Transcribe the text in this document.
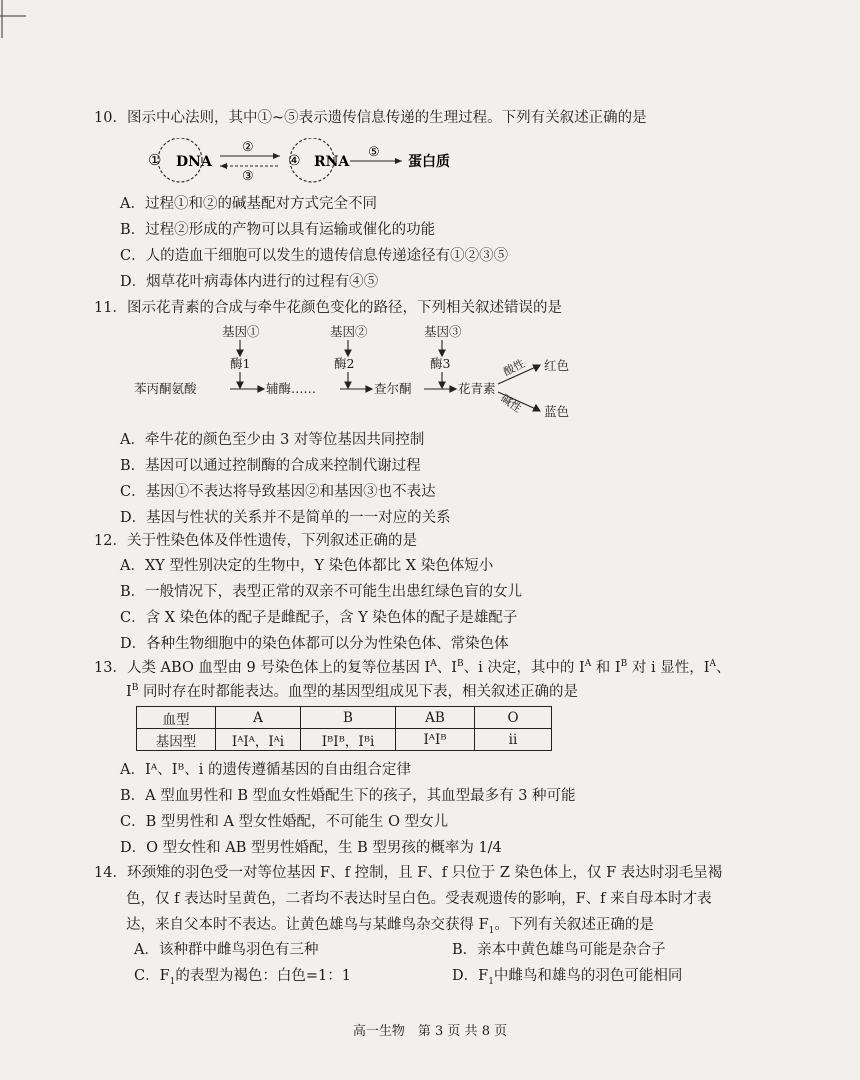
10．图示中心法则，其中①~⑤表示遗传信息传递的生理过程。下列有关叙述正确的是
① DNA
②
③
④ RNA
⑤
蛋白质
A．过程①和②的碱基配对方式完全不同
B．过程②形成的产物可以具有运输或催化的功能
C．人的造血干细胞可以发生的遗传信息传递途径有①②③⑤
D．烟草花叶病毒体内进行的过程有④⑤
11．图示花青素的合成与牵牛花颜色变化的路径，下列相关叙述错误的是
基因①	基因②	基因③
酶1	酶2	酶3
苯丙酮氨酸	辅酶……	查尔酮	花青素
红色
蓝色
酸性
碱性
A．牵牛花的颜色至少由 3 对等位基因共同控制
B．基因可以通过控制酶的合成来控制代谢过程
C．基因①不表达将导致基因②和基因③也不表达
D．基因与性状的关系并不是简单的一一对应的关系
12．关于性染色体及伴性遗传，下列叙述正确的是
A．XY 型性别决定的生物中，Y 染色体都比 X 染色体短小
B．一般情况下，表型正常的双亲不可能生出患红绿色盲的女儿
C．含 X 染色体的配子是雌配子，含 Y 染色体的配子是雄配子
D．各种生物细胞中的染色体都可以分为性染色体、常染色体
13．人类 ABO 血型由 9 号染色体上的复等位基因 $I^A$、$I^B$、i 决定，其中的 $I^A$ 和 $I^B$ 对 i 显性，$I^A$、
$I^B$ 同时存在时都能表达。血型的基因型组成见下表，相关叙述正确的是
血型	A	B	AB	O
基因型	IᴬIᴬ，Iᴬi	IᴮIᴮ，Iᴮi	IᴬIᴮ	ii
A．Iᴬ、Iᴮ、i 的遗传遵循基因的自由组合定律
B．A 型血男性和 B 型血女性婚配生下的孩子，其血型最多有 3 种可能
C．B 型男性和 A 型女性婚配，不可能生 O 型女儿
D．O 型女性和 AB 型男性婚配，生 B 型男孩的概率为 1/4
14．环颈雉的羽色受一对等位基因 F、f 控制，且 F、f 只位于 Z 染色体上，仅 F 表达时羽毛呈褐
色，仅 f 表达时呈黄色，二者均不表达时呈白色。受表观遗传的影响，F、f 来自母本时才表
达，来自父本时不表达。让黄色雄鸟与某雌鸟杂交获得 $F_1$。下列有关叙述正确的是
A．该种群中雌鸟羽色有三种	B．亲本中黄色雄鸟可能是杂合子
C．$F_1$的表型为褐色：白色=1：1	D．$F_1$中雌鸟和雄鸟的羽色可能相同
高一生物　第 3 页 共 8 页
